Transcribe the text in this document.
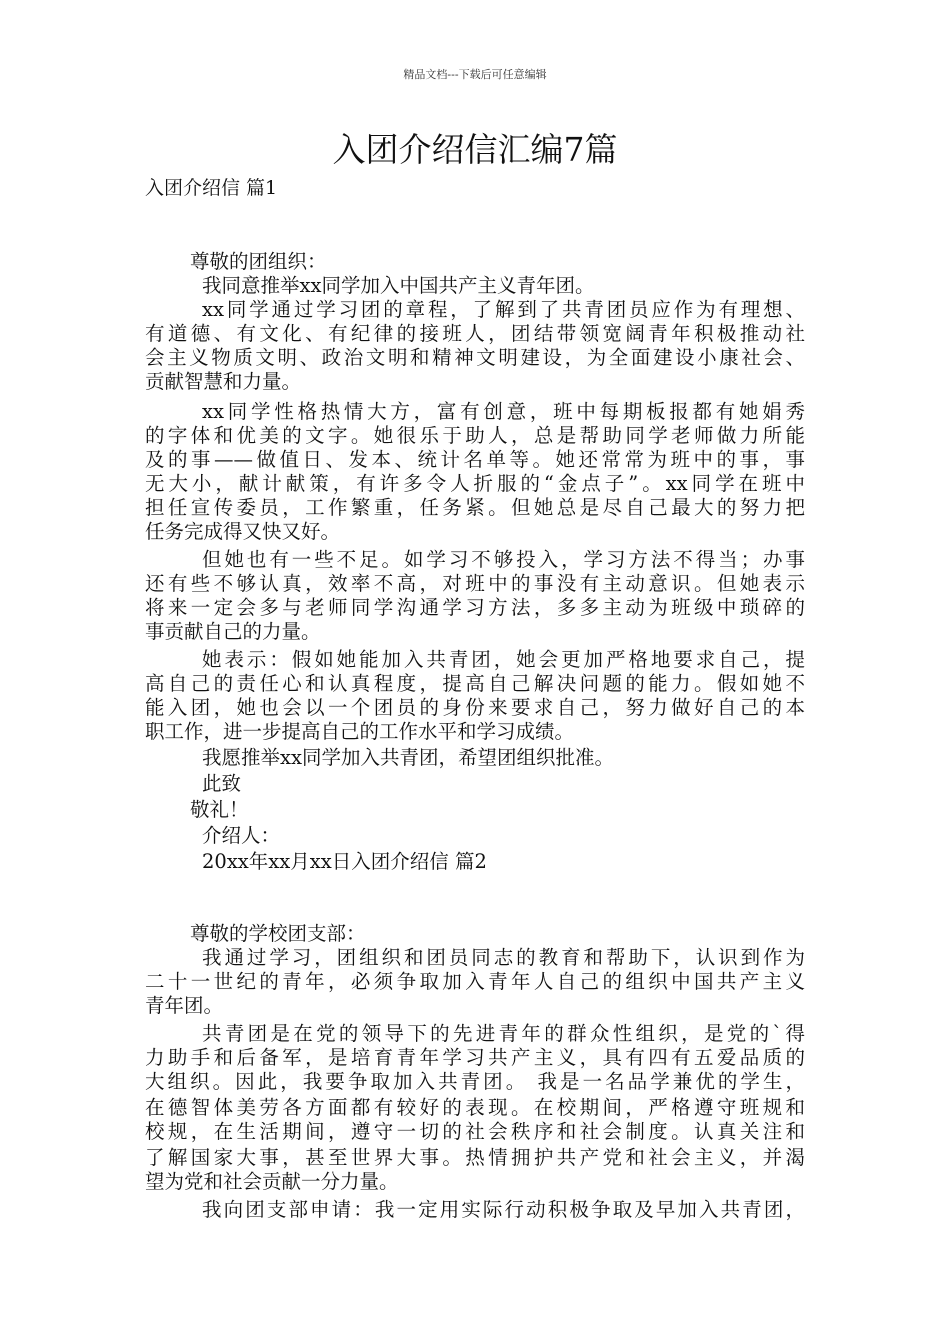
精品文档---下载后可任意编辑
入团介绍信汇编7篇
入团介绍信 篇1
尊敬的团组织：
我同意推举xx同学加入中国共产主义青年团。
xx同学通过学习团的章程，了解到了共青团员应作为有理想、
有道德、有文化、有纪律的接班人，团结带领宽阔青年积极推动社
会主义物质文明、政治文明和精神文明建设，为全面建设小康社会、
贡献智慧和力量。
xx同学性格热情大方，富有创意，班中每期板报都有她娟秀
的字体和优美的文字。她很乐于助人，总是帮助同学老师做力所能
及的事——做值日、发本、统计名单等。她还常常为班中的事，事
无大小，献计献策，有许多令人折服的“金点子”。xx同学在班中
担任宣传委员，工作繁重，任务紧。但她总是尽自己最大的努力把
任务完成得又快又好。
但她也有一些不足。如学习不够投入，学习方法不得当；办事
还有些不够认真，效率不高，对班中的事没有主动意识。但她表示
将来一定会多与老师同学沟通学习方法，多多主动为班级中琐碎的
事贡献自己的力量。
她表示：假如她能加入共青团，她会更加严格地要求自己，提
高自己的责任心和认真程度，提高自己解决问题的能力。假如她不
能入团，她也会以一个团员的身份来要求自己，努力做好自己的本
职工作，进一步提高自己的工作水平和学习成绩。
我愿推举xx同学加入共青团，希望团组织批准。
此致
敬礼！
介绍人：
20xx年xx月xx日入团介绍信 篇2
尊敬的学校团支部：
我通过学习，团组织和团员同志的教育和帮助下，认识到作为
二十一世纪的青年，必须争取加入青年人自己的组织中国共产主义
青年团。
共青团是在党的领导下的先进青年的群众性组织，是党的`得
力助手和后备军，是培育青年学习共产主义，具有四有五爱品质的
大组织。因此，我要争取加入共青团。 我是一名品学兼优的学生，
在德智体美劳各方面都有较好的表现。在校期间，严格遵守班规和
校规，在生活期间，遵守一切的社会秩序和社会制度。认真关注和
了解国家大事，甚至世界大事。热情拥护共产党和社会主义，并渴
望为党和社会贡献一分力量。
我向团支部申请：我一定用实际行动积极争取及早加入共青团，
